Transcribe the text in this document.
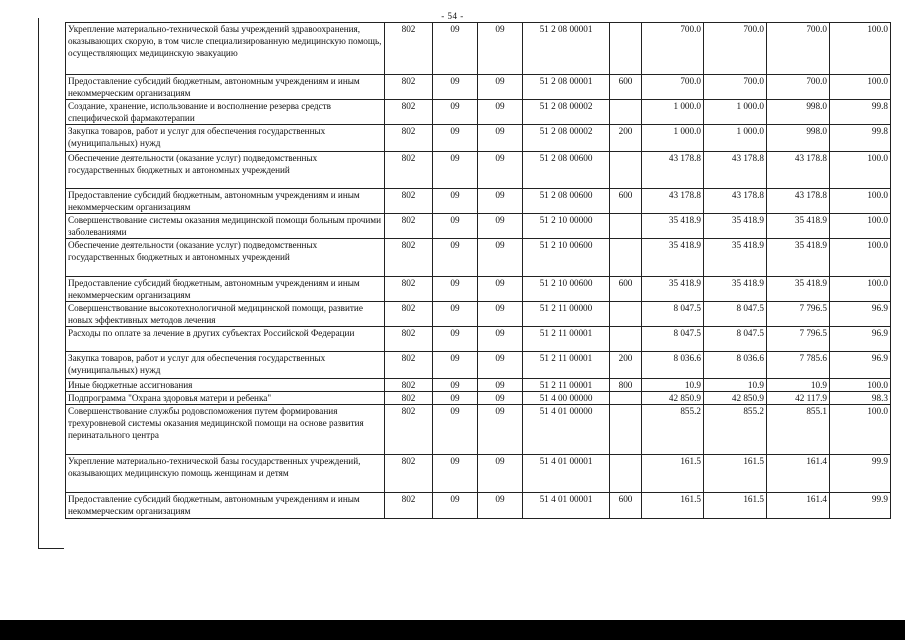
- 54 -
Укрепление материально-технической базы учреждений здравоохранения, оказывающих скорую, в том числе специализированную медицинскую помощь, осуществляющих медицинскую эвакуацию	802	09	09	51 2 08 00001		700.0	700.0	700.0	100.0
Предоставление субсидий бюджетным, автономным учреждениям и иным некоммерческим организациям	802	09	09	51 2 08 00001	600	700.0	700.0	700.0	100.0
Создание, хранение, использование и восполнение резерва средств специфической фармакотерапии	802	09	09	51 2 08 00002		1 000.0	1 000.0	998.0	99.8
Закупка товаров, работ и услуг для обеспечения государственных (муниципальных) нужд	802	09	09	51 2 08 00002	200	1 000.0	1 000.0	998.0	99.8
Обеспечение деятельности (оказание услуг) подведомственных государственных бюджетных и автономных учреждений	802	09	09	51 2 08 00600		43 178.8	43 178.8	43 178.8	100.0
Предоставление субсидий бюджетным, автономным учреждениям и иным некоммерческим организациям	802	09	09	51 2 08 00600	600	43 178.8	43 178.8	43 178.8	100.0
Совершенствование системы оказания медицинской помощи больным прочими заболеваниями	802	09	09	51 2 10 00000		35 418.9	35 418.9	35 418.9	100.0
Обеспечение деятельности (оказание услуг) подведомственных государственных бюджетных и автономных учреждений	802	09	09	51 2 10 00600		35 418.9	35 418.9	35 418.9	100.0
Предоставление субсидий бюджетным, автономным учреждениям и иным некоммерческим организациям	802	09	09	51 2 10 00600	600	35 418.9	35 418.9	35 418.9	100.0
Совершенствование высокотехнологичной медицинской помощи, развитие новых эффективных методов лечения	802	09	09	51 2 11 00000		8 047.5	8 047.5	7 796.5	96.9
Расходы по оплате за лечение в других субъектах Российской Федерации	802	09	09	51 2 11 00001		8 047.5	8 047.5	7 796.5	96.9
Закупка товаров, работ и услуг для обеспечения государственных (муниципальных) нужд	802	09	09	51 2 11 00001	200	8 036.6	8 036.6	7 785.6	96.9
Иные бюджетные ассигнования	802	09	09	51 2 11 00001	800	10.9	10.9	10.9	100.0
Подпрограмма "Охрана здоровья матери и ребенка"	802	09	09	51 4 00 00000		42 850.9	42 850.9	42 117.9	98.3
Совершенствование службы родовспоможения путем формирования трехуровневой системы оказания медицинской помощи на основе развития перинатального центра	802	09	09	51 4 01 00000		855.2	855.2	855.1	100.0
Укрепление материально-технической базы государственных учреждений, оказывающих медицинскую помощь женщинам и детям	802	09	09	51 4 01 00001		161.5	161.5	161.4	99.9
Предоставление субсидий бюджетным, автономным учреждениям и иным некоммерческим организациям	802	09	09	51 4 01 00001	600	161.5	161.5	161.4	99.9
